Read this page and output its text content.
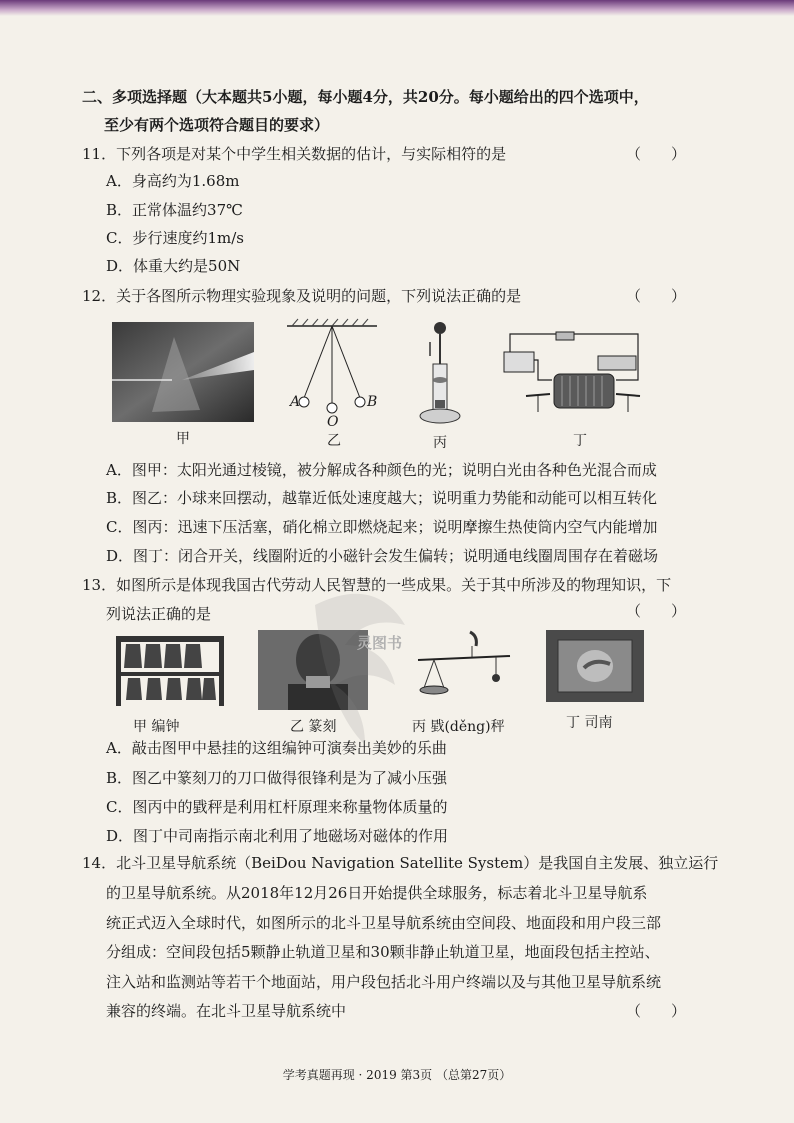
二、多项选择题（大本题共5小题，每小题4分，共20分。每小题给出的四个选项中，
至少有两个选项符合题目的要求）
11．下列各项是对某个中学生相关数据的估计，与实际相符的是	（　　）
A．身高约为1.68m
B．正常体温约37℃
C．步行速度约1m/s
D．体重大约是50N
12．关于各图所示物理实验现象及说明的问题，下列说法正确的是	（　　）
甲
A	B
O
乙	丙	丁
A．图甲：太阳光通过棱镜，被分解成各种颜色的光；说明白光由各种色光混合而成
B．图乙：小球来回摆动，越靠近低处速度越大；说明重力势能和动能可以相互转化
C．图丙：迅速下压活塞，硝化棉立即燃烧起来；说明摩擦生热使筒内空气内能增加
D．图丁：闭合开关，线圈附近的小磁针会发生偏转；说明通电线圈周围存在着磁场
13．如图所示是体现我国古代劳动人民智慧的一些成果。关于其中所涉及的物理知识，下
列说法正确的是	（　　）
甲 编钟	乙 篆刻	丙 戥(děng)秤	丁 司南
A．敲击图甲中悬挂的这组编钟可演奏出美妙的乐曲
B．图乙中篆刻刀的刀口做得很锋利是为了减小压强
C．图丙中的戥秤是利用杠杆原理来称量物体质量的
D．图丁中司南指示南北利用了地磁场对磁体的作用
14．北斗卫星导航系统（BeiDou Navigation Satellite System）是我国自主发展、独立运行
的卫星导航系统。从2018年12月26日开始提供全球服务，标志着北斗卫星导航系
统正式迈入全球时代，如图所示的北斗卫星导航系统由空间段、地面段和用户段三部
分组成：空间段包括5颗静止轨道卫星和30颗非静止轨道卫星，地面段包括主控站、
注入站和监测站等若干个地面站，用户段包括北斗用户终端以及与其他卫星导航系统
兼容的终端。在北斗卫星导航系统中	（　　）
灵图书
学考真题再现 · 2019 第3页 （总第27页）
